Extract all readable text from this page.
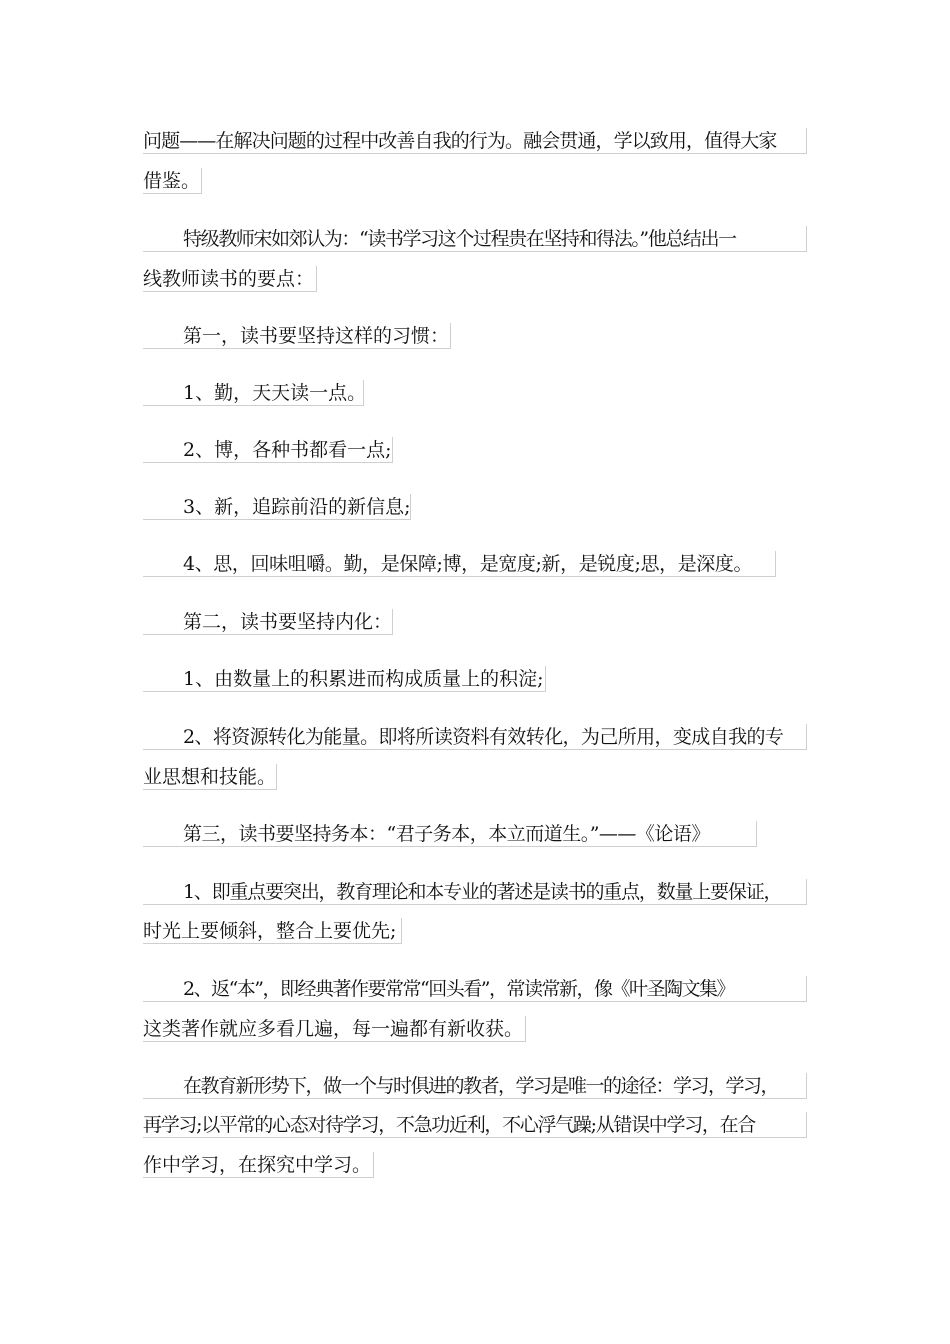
问题——在解决问题的过程中改善自我的行为。融会贯通，学以致用，值得大家
借鉴。
特级教师宋如郊认为：“读书学习这个过程贵在坚持和得法。”他总结出一
线教师读书的要点：
第一，读书要坚持这样的习惯：
1、勤，天天读一点。
2、博，各种书都看一点;
3、新，追踪前沿的新信息;
4、思，回味咀嚼。勤，是保障;博，是宽度;新，是锐度;思，是深度。
第二，读书要坚持内化：
1、由数量上的积累进而构成质量上的积淀;
2、将资源转化为能量。即将所读资料有效转化，为己所用，变成自我的专
业思想和技能。
第三，读书要坚持务本：“君子务本，本立而道生。”——《论语》
1、即重点要突出，教育理论和本专业的著述是读书的重点，数量上要保证，
时光上要倾斜，整合上要优先;
2、返“本”，即经典著作要常常“回头看”，常读常新，像《叶圣陶文集》
这类著作就应多看几遍，每一遍都有新收获。
在教育新形势下，做一个与时俱进的教者，学习是唯一的途径：学习，学习，
再学习;以平常的心态对待学习，不急功近利，不心浮气躁;从错误中学习，在合
作中学习，在探究中学习。
